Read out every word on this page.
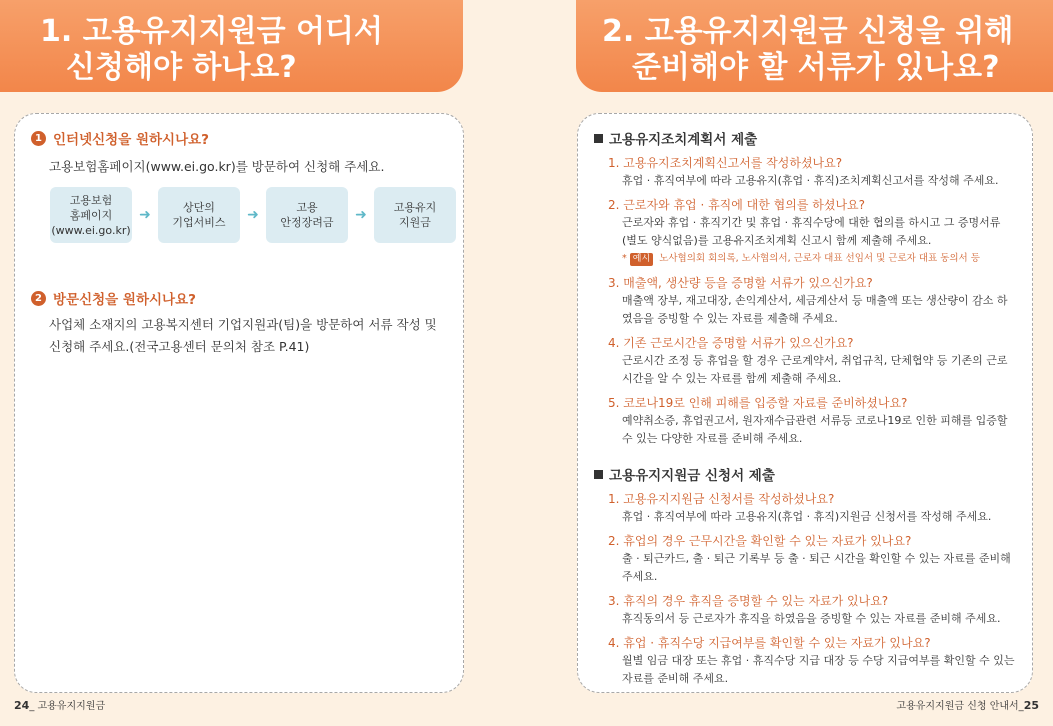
1. 고용유지지원금 어디서
신청해야 하나요?
1 인터넷신청을 원하시나요?
고용보험홈페이지(www.ei.go.kr)를 방문하여 신청해 주세요.
고용보험
홈페이지
(www.ei.go.kr)
➜	상단의
기업서비스	➜	고용
안정장려금	➜	고용유지
지원금
2 방문신청을 원하시나요?
사업체 소재지의 고용복지센터 기업지원과(팀)을 방문하여 서류 작성 및 신청해 주세요.(전국고용센터 문의처 참조 P.41)
24_ 고용유지지원금
2. 고용유지지원금 신청을 위해
준비해야 할 서류가 있나요?
고용유지조치계획서 제출
1. 고용유지조치계획신고서를 작성하셨나요?
휴업 · 휴직여부에 따라 고용유지(휴업 · 휴직)조치계획신고서를 작성해 주세요.
2. 근로자와 휴업 · 휴직에 대한 협의를 하셨나요?
근로자와 휴업 · 휴직기간 및 휴업 · 휴직수당에 대한 협의를 하시고 그 증명서류 (별도 양식없음)를 고용유지조치계획 신고시 함께 제출해 주세요.
* 예시 노사협의회 회의록, 노사협의서, 근로자 대표 선임서 및 근로자 대표 동의서 등
3. 매출액, 생산량 등을 증명할 서류가 있으신가요?
매출액 장부, 재고대장, 손익계산서, 세금계산서 등 매출액 또는 생산량이 감소 하였음을 증빙할 수 있는 자료를 제출해 주세요.
4. 기존 근로시간을 증명할 서류가 있으신가요?
근로시간 조정 등 휴업을 할 경우 근로계약서, 취업규칙, 단체협약 등 기존의 근로 시간을 알 수 있는 자료를 함께 제출해 주세요.
5. 코로나19로 인해 피해를 입증할 자료를 준비하셨나요?
예약취소증, 휴업권고서, 원자재수급관련 서류등 코로나19로 인한 피해를 입증할 수 있는 다양한 자료를 준비해 주세요.
고용유지지원금 신청서 제출
1. 고용유지지원금 신청서를 작성하셨나요?
휴업 · 휴직여부에 따라 고용유지(휴업 · 휴직)지원금 신청서를 작성해 주세요.
2. 휴업의 경우 근무시간을 확인할 수 있는 자료가 있나요?
출 · 퇴근카드, 출 · 퇴근 기록부 등 출 · 퇴근 시간을 확인할 수 있는 자료를 준비해 주세요.
3. 휴직의 경우 휴직을 증명할 수 있는 자료가 있나요?
휴직동의서 등 근로자가 휴직을 하였음을 증빙할 수 있는 자료를 준비해 주세요.
4. 휴업 · 휴직수당 지급여부를 확인할 수 있는 자료가 있나요?
월별 임금 대장 또는 휴업 · 휴직수당 지급 대장 등 수당 지급여부를 확인할 수 있는 자료를 준비해 주세요.
고용유지지원금 신청 안내서_25
